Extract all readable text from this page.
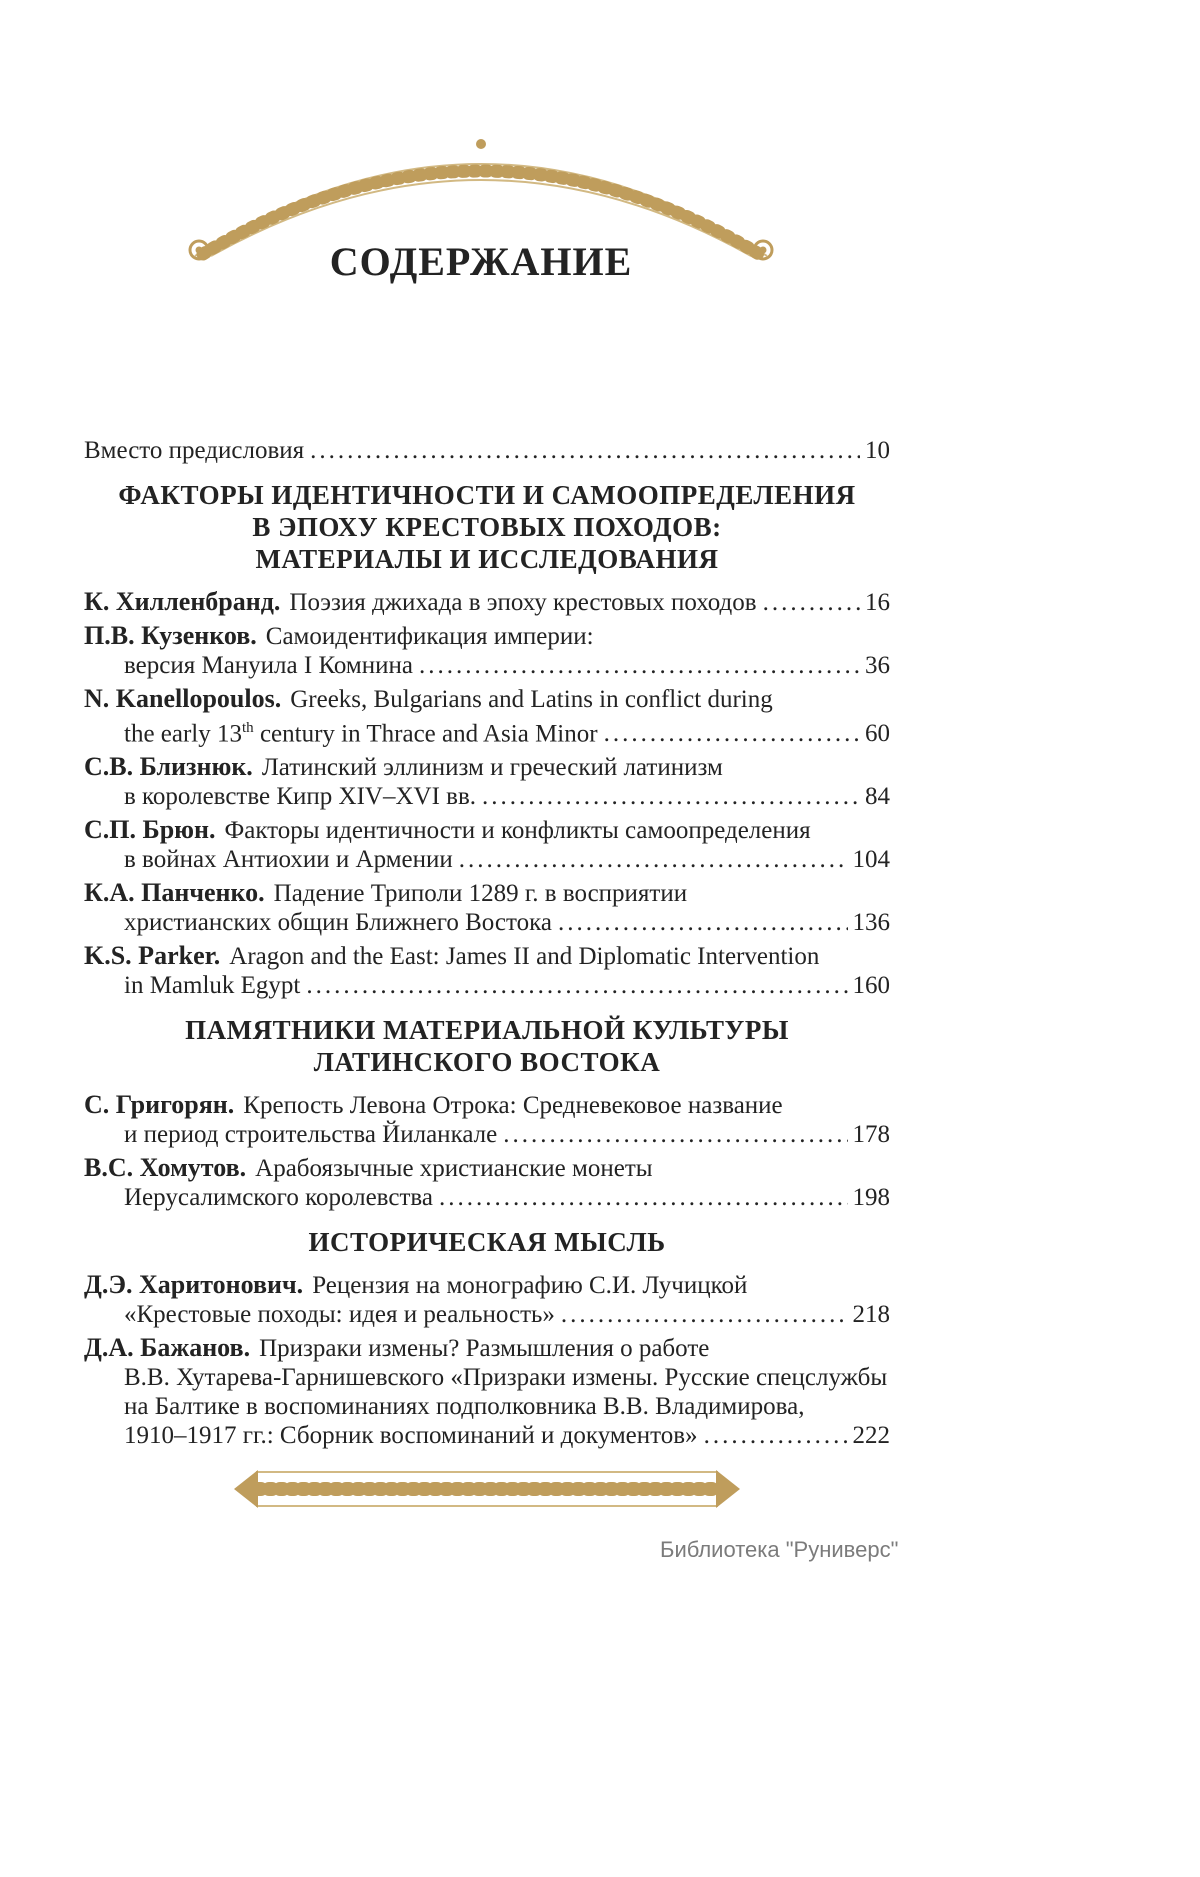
СОДЕРЖАНИЕ
Вместо предисловия .....	10
ФАКТОРЫ ИДЕНТИЧНОСТИ И САМООПРЕДЕЛЕНИЯ
В ЭПОХУ КРЕСТОВЫХ ПОХОДОВ:
МАТЕРИАЛЫ И ИССЛЕДОВАНИЯ
К. Хилленбранд. Поэзия джихада в эпоху крестовых походов .....	16
П.В. Кузенков. Самоидентификация империи:
версия Мануила I Комнина .....	36
N. Kanellopoulos. Greeks, Bulgarians and Latins in conflict during
the early 13th century in Thrace and Asia Minor .....	60
С.В. Близнюк. Латинский эллинизм и греческий латинизм
в королевстве Кипр XIV–XVI вв. .....	84
С.П. Брюн. Факторы идентичности и конфликты самоопределения
в войнах Антиохии и Армении .....	104
К.А. Панченко. Падение Триполи 1289 г. в восприятии
христианских общин Ближнего Востока .....	136
K.S. Parker. Aragon and the East: James II and Diplomatic Intervention
in Mamluk Egypt .....	160
ПАМЯТНИКИ МАТЕРИАЛЬНОЙ КУЛЬТУРЫ
ЛАТИНСКОГО ВОСТОКА
С. Григорян. Крепость Левона Отрока: Средневековое название
и период строительства Йиланкале .....	178
В.С. Хомутов. Арабоязычные христианские монеты
Иерусалимского королевства .....	198
ИСТОРИЧЕСКАЯ МЫСЛЬ
Д.Э. Харитонович. Рецензия на монографию С.И. Лучицкой
«Крестовые походы: идея и реальность» .....	218
Д.А. Бажанов. Призраки измены? Размышления о работе
В.В. Хутарева-Гарнишевского «Призраки измены. Русские спецслужбы
на Балтике в воспоминаниях подполковника В.В. Владимирова,
1910–1917 гг.: Сборник воспоминаний и документов» .....	222
Библиотека "Руниверс"
